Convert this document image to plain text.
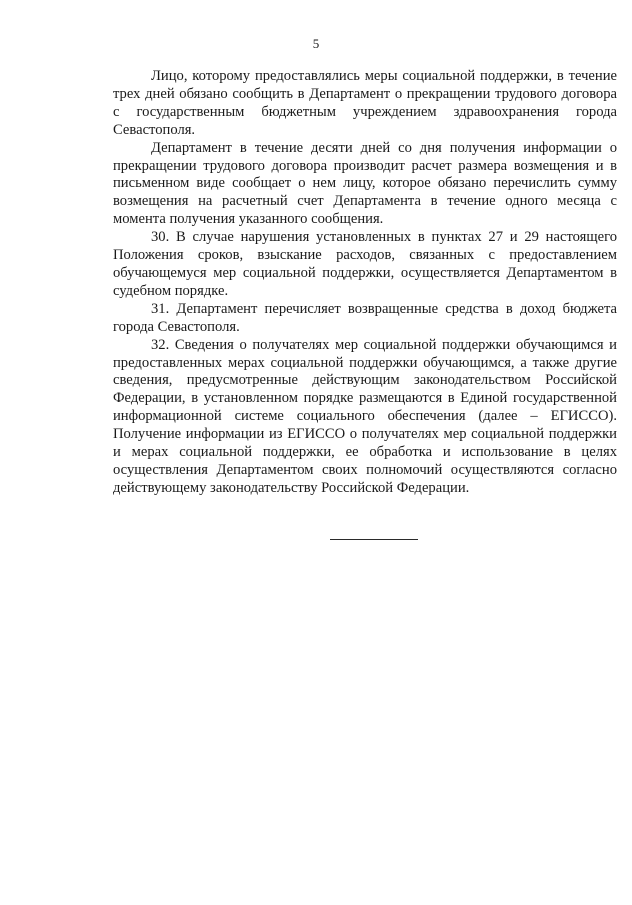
5

Лицо, которому предоставлялись меры социальной поддержки, в течение трех дней обязано сообщить в Департамент о прекращении трудового договора с государственным бюджетным учреждением здравоохранения города Севастополя.

Департамент в течение десяти дней со дня получения информации о прекращении трудового договора производит расчет размера возмещения и в письменном виде сообщает о нем лицу, которое обязано перечислить сумму возмещения на расчетный счет Департамента в течение одного месяца с момента получения указанного сообщения.

30. В случае нарушения установленных в пунктах 27 и 29 настоящего Положения сроков, взыскание расходов, связанных с предоставлением обучающемуся мер социальной поддержки, осуществляется Департаментом в судебном порядке.

31. Департамент перечисляет возвращенные средства в доход бюджета города Севастополя.

32. Сведения о получателях мер социальной поддержки обучающимся и предоставленных мерах социальной поддержки обучающимся, а также другие сведения, предусмотренные действующим законодательством Российской Федерации, в установленном порядке размещаются в Единой государственной информационной системе социального обеспечения (далее – ЕГИССО). Получение информации из ЕГИССО о получателях мер социальной поддержки и мерах социальной поддержки, ее обработка и использование в целях осуществления Департаментом своих полномочий осуществляются согласно действующему законодательству Российской Федерации.
